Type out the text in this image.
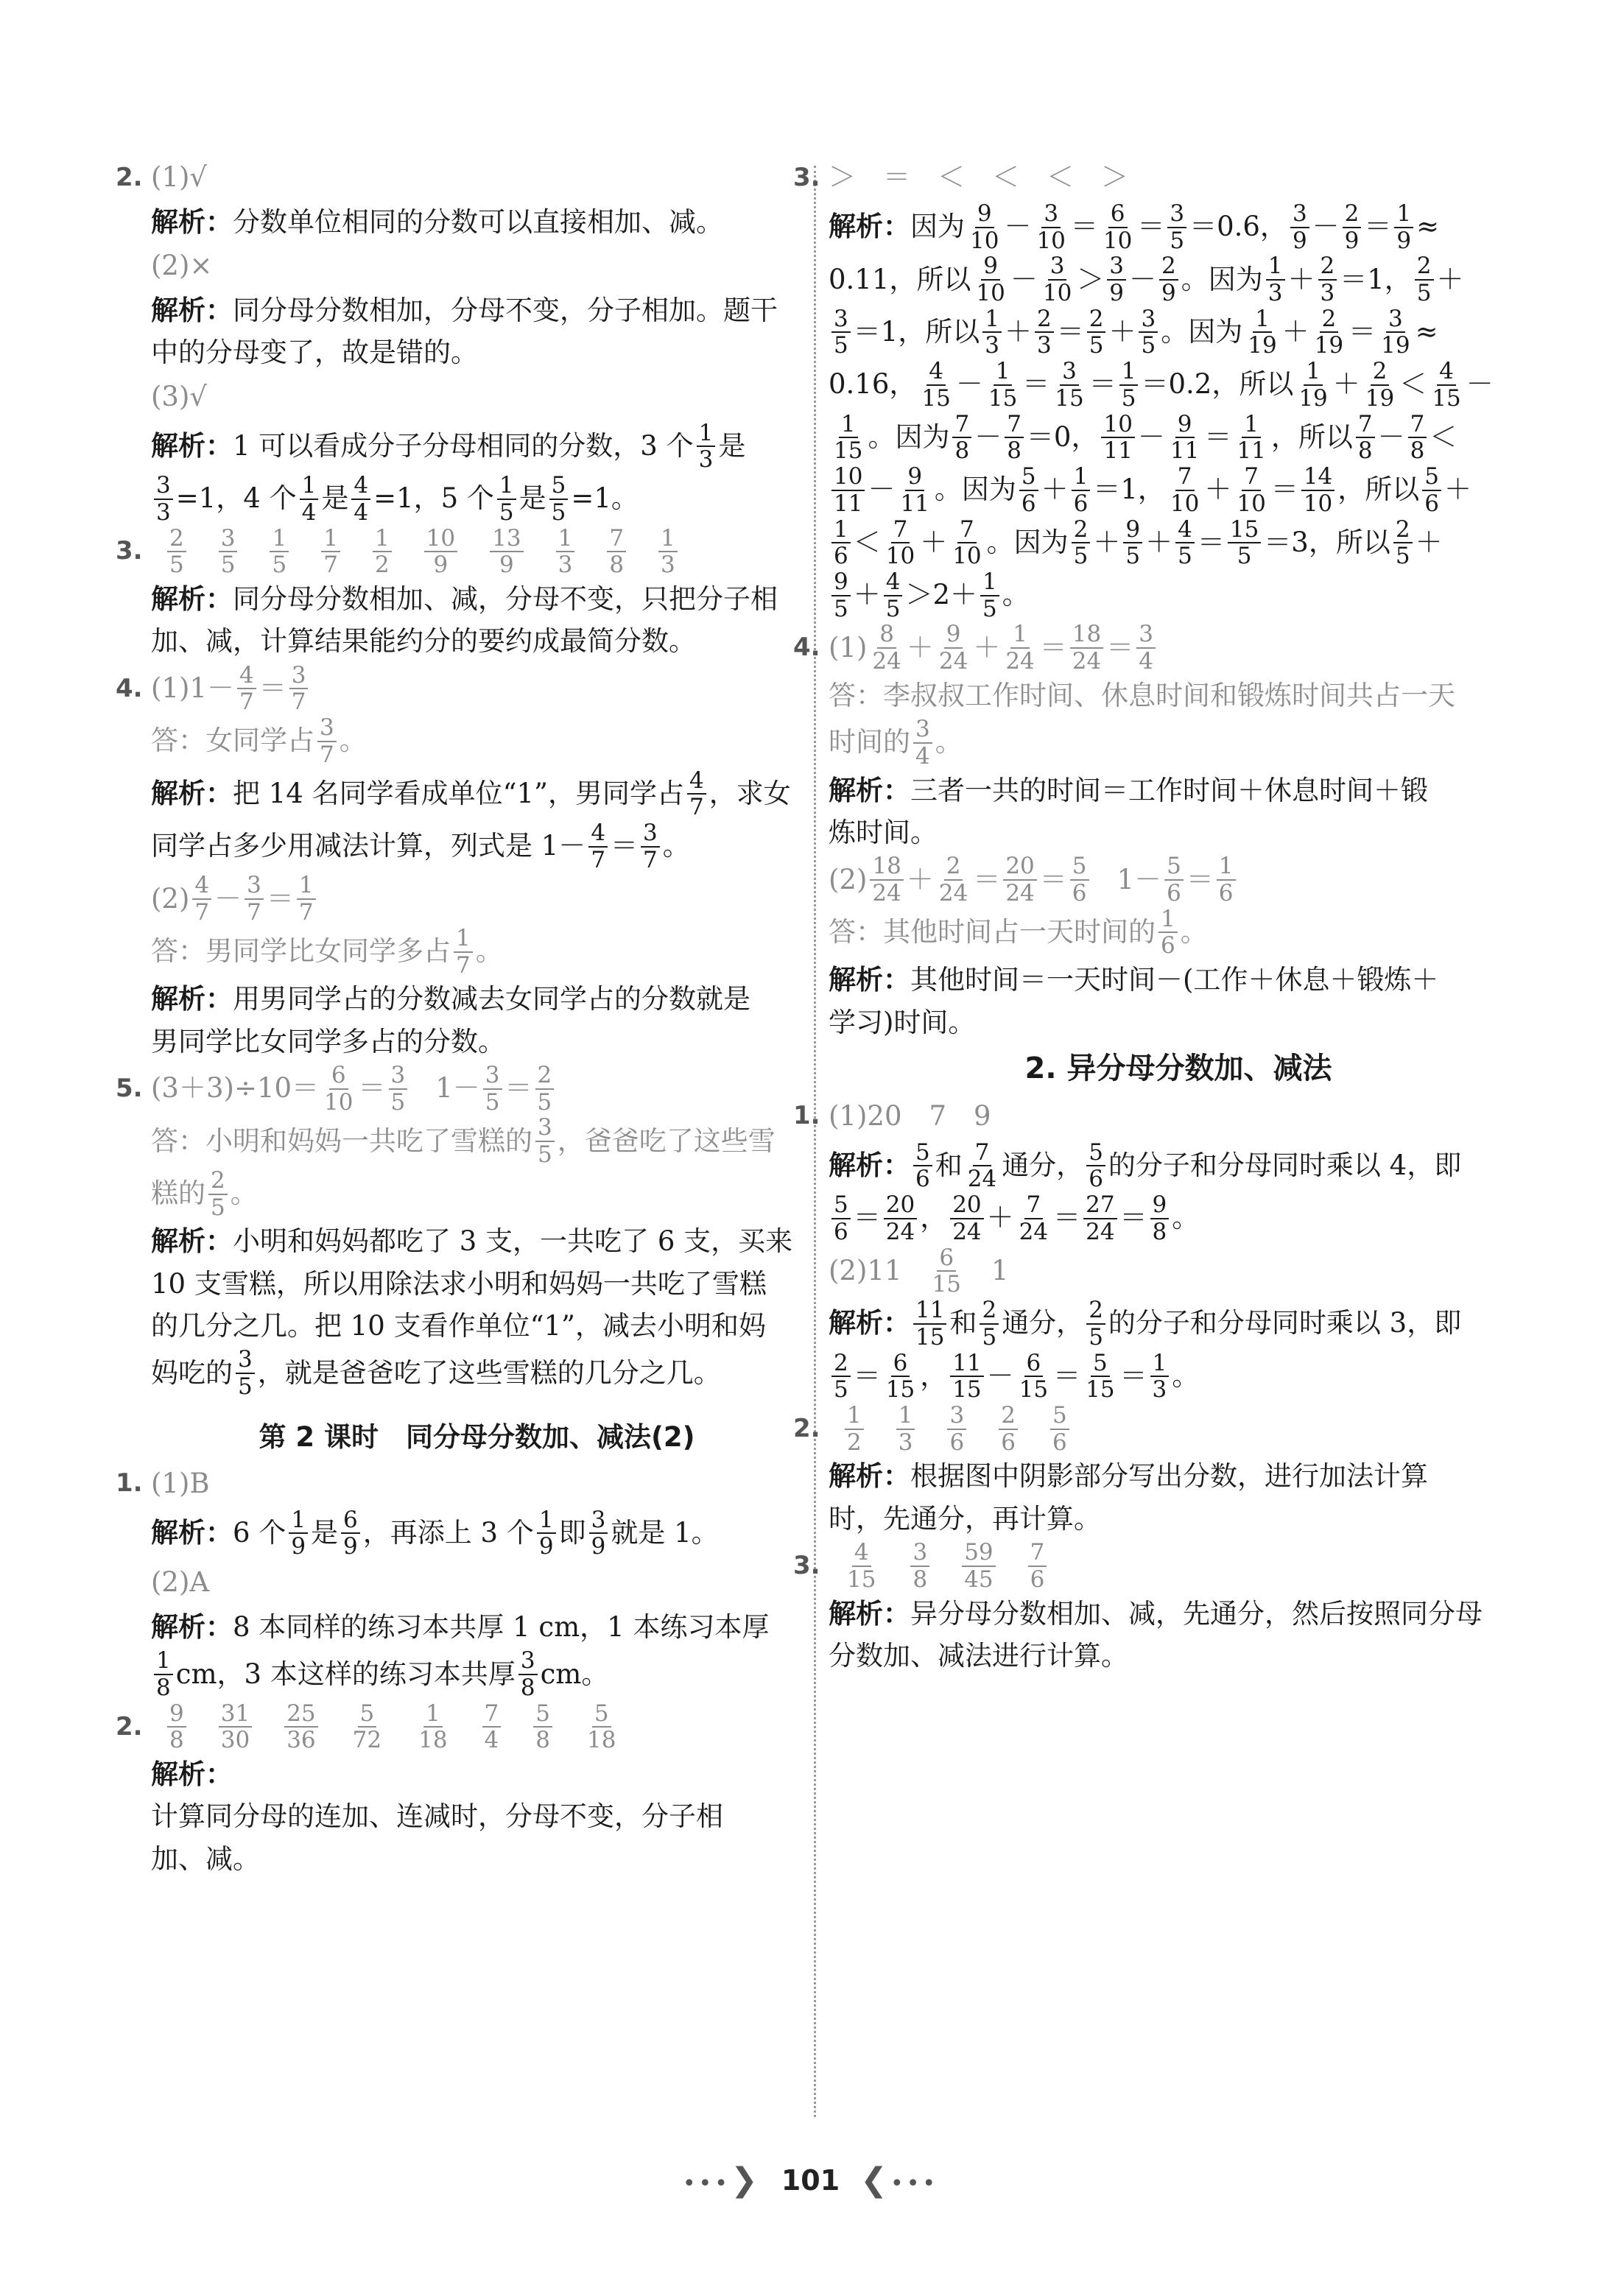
2. (1)√
解析： 分数单位相同的分数可以直接相加、减。
(2)×
解析： 同分母分数相加，分母不变，分子相加。题干
中的分母变了，故是错的。
(3)√
解析： 1 可以看成分子分母相同的分数，3 个 $\frac{1}{3}$ 是
$\frac{3}{3} =1$，4 个 $\frac{1}{4}$ 是 $\frac{4}{4} =1$，5 个 $\frac{1}{5}$ 是 $\frac{5}{5} =1$。
3. $\frac{2}{5} \frac{3}{5} \frac{1}{5} \frac{1}{7} \frac{1}{2} \frac{10}{9} \frac{13}{9} \frac{1}{3} \frac{7}{8} \frac{1}{3}$
解析： 同分母分数相加、减，分母不变，只把分子相
加、减，计算结果能约分的要约成最简分数。
4. $(1)1- \frac{4}{7} = \frac{3}{7}$
答： 女同学占 $\frac{3}{7}$ 。
解析： 把 14 名同学看成单位“1”，男同学占 $\frac{4}{7}$ ，求女
同学占多少用减法计算，列式是 $1- \frac{4}{7} = \frac{3}{7}$ 。
$(2) \frac{4}{7} - \frac{3}{7} = \frac{1}{7}$
答： 男同学比女同学多占 $\frac{1}{7}$ 。
解析： 用男同学占的分数减去女同学占的分数就是
男同学比女同学多占的分数。
5. $(3+3)\div 10= \frac{6}{10} = \frac{3}{5} 1- \frac{3}{5} = \frac{2}{5}$
答： 小明和妈妈一共吃了雪糕的 $\frac{3}{5}$ ，爸爸吃了这些雪
糕的 $\frac{2}{5}$ 。
解析： 小明和妈妈都吃了 3 支，一共吃了 6 支，买来
10 支雪糕，所以用除法求小明和妈妈一共吃了雪糕
的几分之几。把 10 支看作单位“1”，减去小明和妈
妈吃的 $\frac{3}{5}$ ，就是爸爸吃了这些雪糕的几分之几。
第 2 课时　同分母分数加、减法(2)
1. (1)B
解析： 6 个 $\frac{1}{9}$ 是 $\frac{6}{9}$ ，再添上 3 个 $\frac{1}{9}$ 即 $\frac{3}{9}$ 就是 1。
(2)A
解析： 8 本同样的练习本共厚 1 cm，1 本练习本厚
$\frac{1}{8}$ cm，3 本这样的练习本共厚 $\frac{3}{8}$ cm。
2. $\frac{9}{8} \frac{31}{30} \frac{25}{36} \frac{5}{72} \frac{1}{18} \frac{7}{4} \frac{5}{8} \frac{5}{18}$
解析：
计算同分母的连加、连减时，分母不变，分子相
加、减。
3. ＞　＝　＜　＜　＜　＞
解析： 因为 $\frac{9}{10} - \frac{3}{10} = \frac{6}{10} = \frac{3}{5} =0.6$， $\frac{3}{9} - \frac{2}{9} = \frac{1}{9}$ ≈
0.11，所以 $\frac{9}{10} - \frac{3}{10} > \frac{3}{9} - \frac{2}{9}$ 。因为 $\frac{1}{3} + \frac{2}{3} =1$， $\frac{2}{5}$ ＋
$\frac{3}{5} =1$，所以 $\frac{1}{3} + \frac{2}{3} = \frac{2}{5} + \frac{3}{5}$ 。因为 $\frac{1}{19} + \frac{2}{19} = \frac{3}{19}$ ≈
0.16， $\frac{4}{15} - \frac{1}{15} = \frac{3}{15} = \frac{1}{5} =0.2$，所以 $\frac{1}{19} + \frac{2}{19} < \frac{4}{15}$ －
$\frac{1}{15}$ 。因为 $\frac{7}{8} - \frac{7}{8} =0$， $\frac{10}{11} - \frac{9}{11} = \frac{1}{11}$ ，所以 $\frac{7}{8} - \frac{7}{8}$ ＜
$\frac{10}{11} - \frac{9}{11}$ 。因为 $\frac{5}{6} + \frac{1}{6} =1$， $\frac{7}{10} + \frac{7}{10} = \frac{14}{10}$ ，所以 $\frac{5}{6}$ ＋
$\frac{1}{6} < \frac{7}{10} + \frac{7}{10}$ 。因为 $\frac{2}{5} + \frac{9}{5} + \frac{4}{5} = \frac{15}{5} =3$，所以 $\frac{2}{5}$ ＋
$\frac{9}{5} + \frac{4}{5} >2+ \frac{1}{5}$ 。
4. $(1) \frac{8}{24} + \frac{9}{24} + \frac{1}{24} = \frac{18}{24} = \frac{3}{4}$
答： 李叔叔工作时间、休息时间和锻炼时间共占一天
时间的 $\frac{3}{4}$ 。
解析： 三者一共的时间＝工作时间＋休息时间＋锻
炼时间。
$(2) \frac{18}{24} + \frac{2}{24} = \frac{20}{24} = \frac{5}{6} 1- \frac{5}{6} = \frac{1}{6}$
答： 其他时间占一天时间的 $\frac{1}{6}$ 。
解析： 其他时间＝一天时间－(工作＋休息＋锻炼＋
学习)时间。
2. 异分母分数加、减法
1. (1)20　7　9
解析： $\frac{5}{6}$ 和 $\frac{7}{24}$ 通分， $\frac{5}{6}$ 的分子和分母同时乘以 4，即
$\frac{5}{6} = \frac{20}{24}$ ， $\frac{20}{24} + \frac{7}{24} = \frac{27}{24} = \frac{9}{8}$ 。
$(2)11 \frac{6}{15} 1$
解析： $\frac{11}{15}$ 和 $\frac{2}{5}$ 通分， $\frac{2}{5}$ 的分子和分母同时乘以 3，即
$\frac{2}{5} = \frac{6}{15}$ ， $\frac{11}{15} - \frac{6}{15} = \frac{5}{15} = \frac{1}{3}$ 。
2. $\frac{1}{2} \frac{1}{3} \frac{3}{6} \frac{2}{6} \frac{5}{6}$
解析： 根据图中阴影部分写出分数，进行加法计算
时，先通分，再计算。
3. $\frac{4}{15} \frac{3}{8} \frac{59}{45} \frac{7}{6}$
解析： 异分母分数相加、减，先通分，然后按照同分母
分数加、减法进行计算。
•••❯ 101 ❮•••
